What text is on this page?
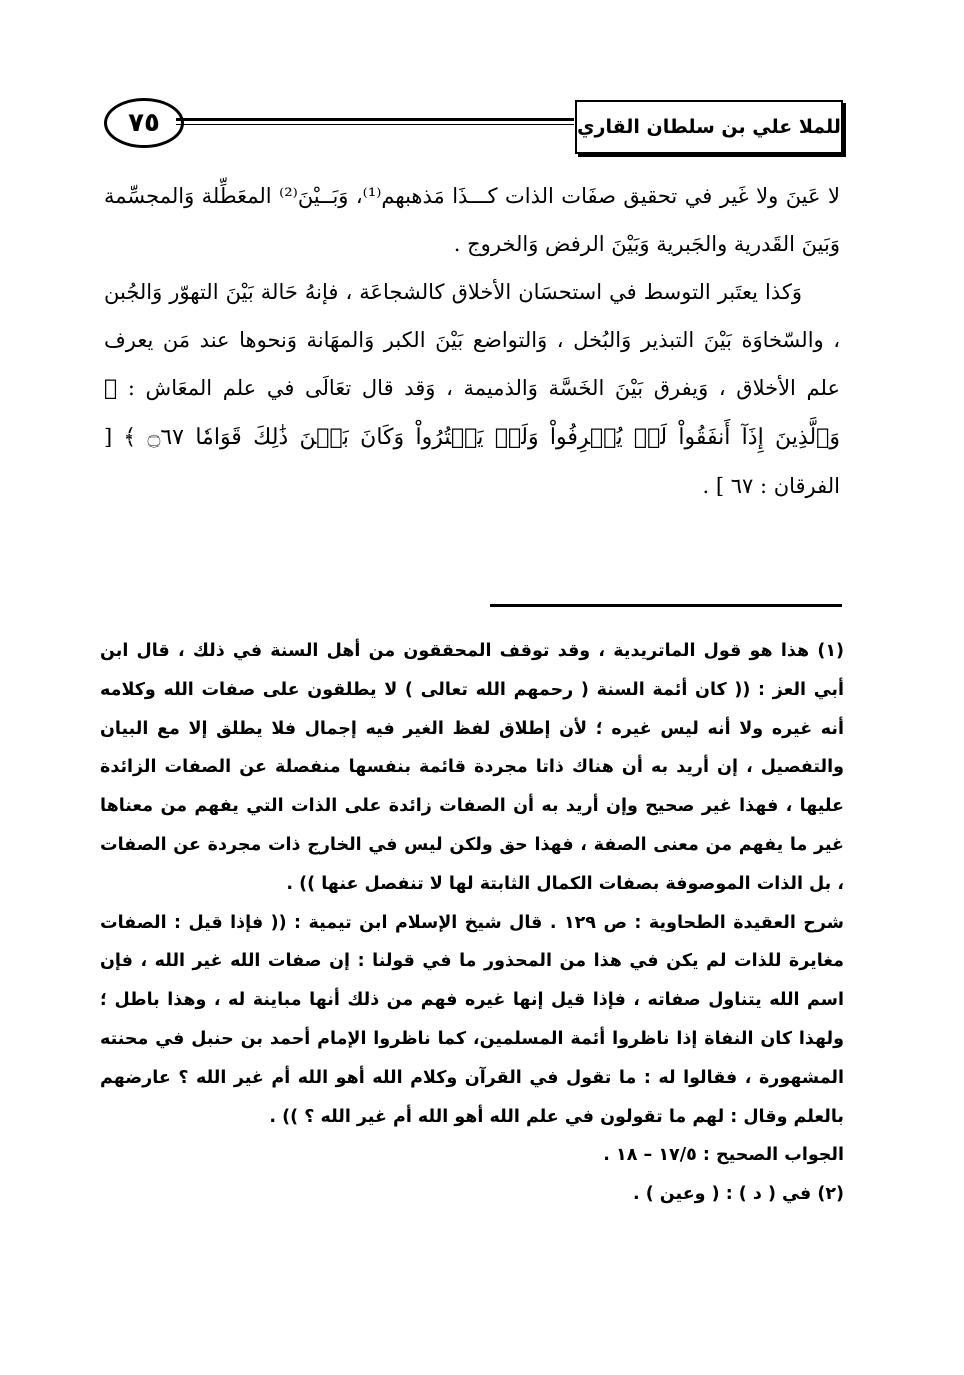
٧٥	للملا علي بن سلطان القاري

لا عَينَ ولا غَير في تحقيق صفَات الذات كـــذَا مَذهبهم⁽¹⁾، وَبَــيْنَ⁽²⁾ المعَطِّلة وَالمجسِّمة وَبَينَ القَدرية والجَبرية وَبَيْنَ الرفض وَالخروج .

وَكذا يعتَبر التوسط في استحسَان الأخلاق كالشجاعَة ، فإنهُ حَالة بَيْنَ التهوّر وَالجُبن ، والسّخاوَة بَيْنَ التبذير وَالبُخل ، وَالتواضع بَيْنَ الكبر وَالمهَانة وَنحوها عند مَن يعرف علم الأخلاق ، وَيفرق بَيْنَ الخَسَّة وَالذميمة ، وَقد قال تعَالَى في علم المعَاش : ﴿ وَٱلَّذِينَ إِذَآ أَنفَقُواْ لَمۡ يُسۡرِفُواْ وَلَمۡ يَقۡتُرُواْ وَكَانَ بَيۡنَ ذَٰلِكَ قَوَامٗا ۝٦٧ ﴾ [ الفرقان : ٦٧ ] .

(١) هذا هو قول الماتريدية ، وقد توقف المحققون من أهل السنة في ذلك ، قال ابن أبي العز : (( كان أئمة السنة ( رحمهم الله تعالى ) لا يطلقون على صفات الله وكلامه أنه غيره ولا أنه ليس غيره ؛ لأن إطلاق لفظ الغير فيه إجمال فلا يطلق إلا مع البيان والتفصيل ، إن أريد به أن هناك ذاتا مجردة قائمة بنفسها منفصلة عن الصفات الزائدة عليها ، فهذا غير صحيح وإن أريد به أن الصفات زائدة على الذات التي يفهم من معناها غير ما يفهم من معنى الصفة ، فهذا حق ولكن ليس في الخارج ذات مجردة عن الصفات ، بل الذات الموصوفة بصفات الكمال الثابتة لها لا تنفصل عنها )) .

شرح العقيدة الطحاوية : ص ١٢٩ . قال شيخ الإسلام ابن تيمية : (( فإذا قيل : الصفات مغايرة للذات لم يكن في هذا من المحذور ما في قولنا : إن صفات الله غير الله ، فإن اسم الله يتناول صفاته ، فإذا قيل إنها غيره فهم من ذلك أنها مباينة له ، وهذا باطل ؛ ولهذا كان النفاة إذا ناظروا أئمة المسلمين، كما ناظروا الإمام أحمد بن حنبل في محنته المشهورة ، فقالوا له : ما تقول في القرآن وكلام الله أهو الله أم غير الله ؟ عارضهم بالعلم وقال : لهم ما تقولون في علم الله أهو الله أم غير الله ؟ )) .

الجواب الصحيح : ١٧/٥ – ١٨ .

(٢) في ( د ) : ( وعين ) .
